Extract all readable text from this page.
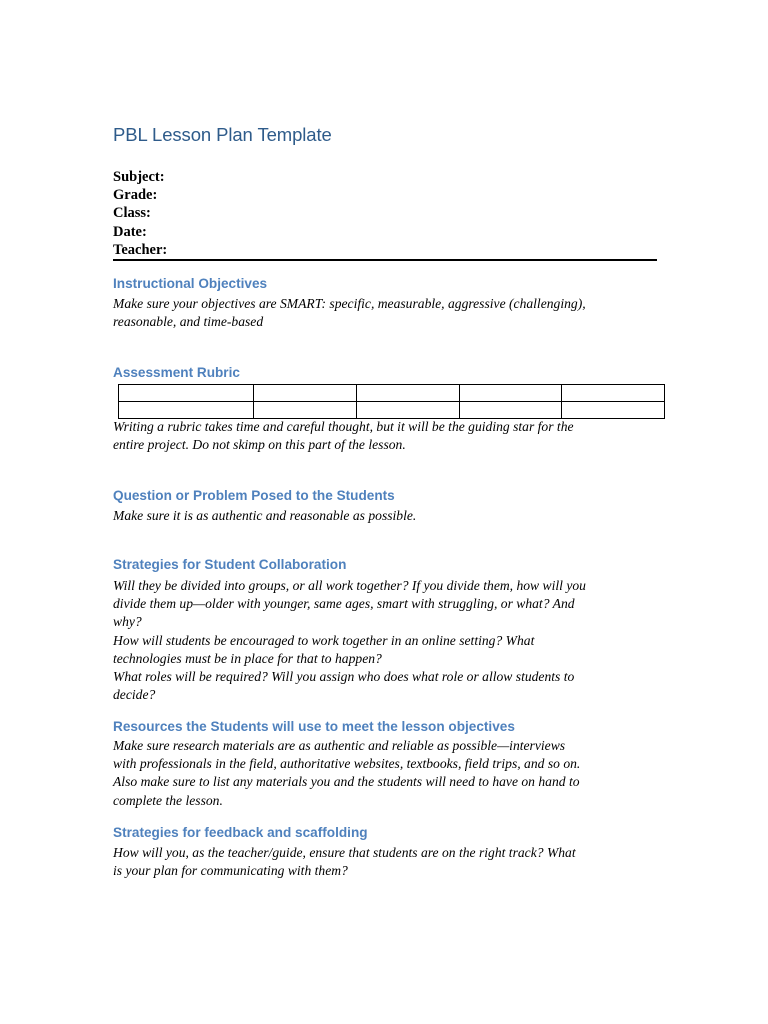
PBL Lesson Plan Template
Subject:
Grade:
Class:
Date:
Teacher:
Instructional Objectives
Make sure your objectives are SMART: specific, measurable, aggressive (challenging),
reasonable, and time-based
Assessment Rubric

Writing a rubric takes time and careful thought, but it will be the guiding star for the
entire project. Do not skimp on this part of the lesson.
Question or Problem Posed to the Students
Make sure it is as authentic and reasonable as possible.
Strategies for Student Collaboration
Will they be divided into groups, or all work together? If you divide them, how will you
divide them up—older with younger, same ages, smart with struggling, or what? And
why?
How will students be encouraged to work together in an online setting? What
technologies must be in place for that to happen?
What roles will be required? Will you assign who does what role or allow students to
decide?
Resources the Students will use to meet the lesson objectives
Make sure research materials are as authentic and reliable as possible—interviews
with professionals in the field, authoritative websites, textbooks, field trips, and so on.
Also make sure to list any materials you and the students will need to have on hand to
complete the lesson.
Strategies for feedback and scaffolding
How will you, as the teacher/guide, ensure that students are on the right track? What
is your plan for communicating with them?
